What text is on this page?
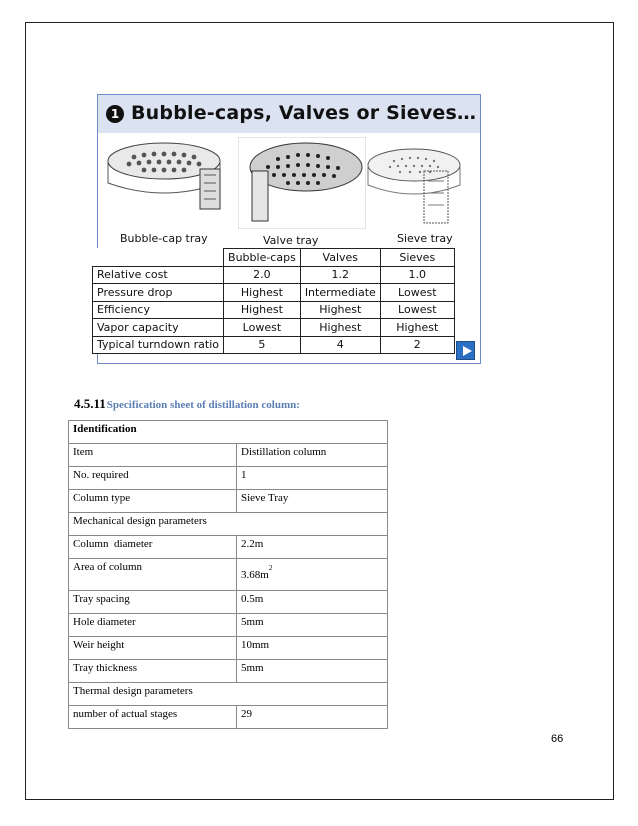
1 Bubble-caps, Valves or Sieves…
Bubble-cap tray	Valve tray	Sieve tray
	Bubble-caps	Valves	Sieves
Relative cost	2.0	1.2	1.0
Pressure drop	Highest	Intermediate	Lowest
Efficiency	Highest	Highest	Lowest
Vapor capacity	Lowest	Highest	Highest
Typical turndown ratio	5	4	2
4.5.11Specification sheet of distillation column:
Identification	
Item	Distillation column
No. required	1
Column type	Sieve Tray
Mechanical design parameters	
Column  diameter	2.2m
Area of column	$3.68m^2$
Tray spacing	0.5m
Hole diameter	5mm
Weir height	10mm
Tray thickness	5mm
Thermal design parameters	
number of actual stages	29
66
